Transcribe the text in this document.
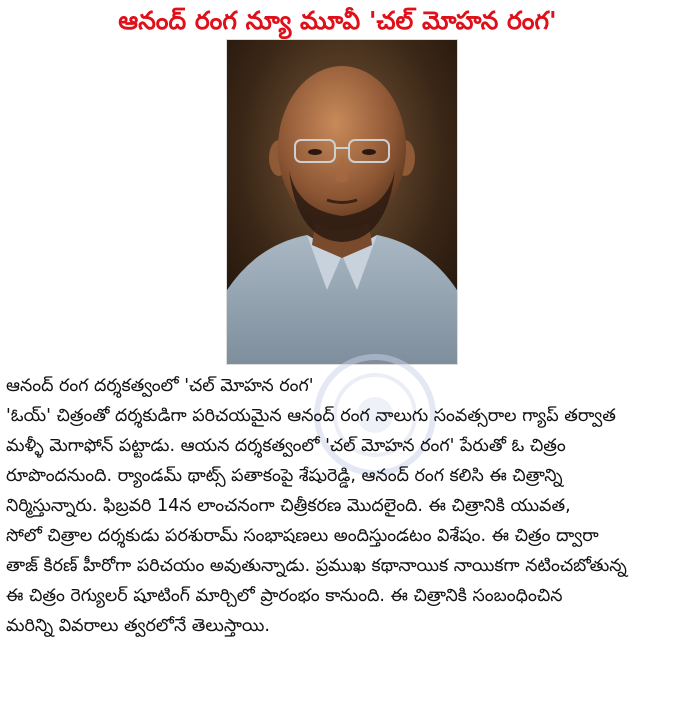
ఆనంద్ రంగ న్యూ మూవీ 'చల్ మోహన రంగ'
ఆనంద్ రంగ దర్శకత్వంలో 'చల్ మోహన రంగ'
'ఓయ్' చిత్రంతో దర్శకుడిగా పరిచయమైన ఆనంద్ రంగ నాలుగు సంవత్సరాల గ్యాప్ తర్వాత
మళ్ళీ మెగాఫోన్ పట్టాడు. ఆయన దర్శకత్వంలో 'చల్ మోహన రంగ' పేరుతో ఓ చిత్రం
రూపొందనుంది. ర్యాండమ్ థాట్స్ పతాకంపై శేషురెడ్డి, ఆనంద్ రంగ కలిసి ఈ చిత్రాన్ని
నిర్మిస్తున్నారు. ఫిబ్రవరి 14న లాంచనంగా చిత్రీకరణ మొదలైంది. ఈ చిత్రానికి యువత,
సోలో చిత్రాల దర్శకుడు పరశురామ్ సంభాషణలు అందిస్తుండటం విశేషం. ఈ చిత్రం ద్వారా
తాజ్ కిరణ్ హీరోగా పరిచయం అవుతున్నాడు. ప్రముఖ కథానాయిక నాయికగా నటించబోతున్న
ఈ చిత్రం రెగ్యులర్ షూటింగ్ మార్చిలో ప్రారంభం కానుంది. ఈ చిత్రానికి సంబంధించిన
మరిన్ని వివరాలు త్వరలోనే తెలుస్తాయి.
